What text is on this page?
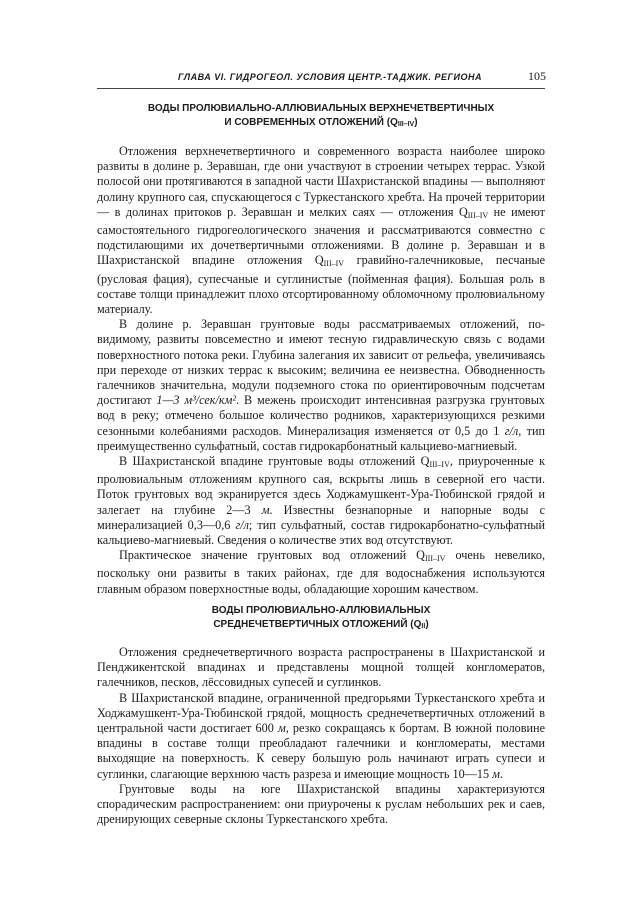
ГЛАВА VI. ГИДРОГЕОЛ. УСЛОВИЯ ЦЕНТР.-ТАДЖИК. РЕГИОНА	105
ВОДЫ ПРОЛЮВИАЛЬНО-АЛЛЮВИАЛЬНЫХ ВЕРХНЕЧЕТВЕРТИЧНЫХ
И СОВРЕМЕННЫХ ОТЛОЖЕНИЙ (QIII–IV)

Отложения верхнечетвертичного и современного возраста наиболее широко развиты в долине р. Зеравшан, где они участвуют в строении четырех террас. Узкой полосой они протягиваются в западной части Шахристанской впадины — выполняют долину крупного сая, спускающегося с Туркестанского хребта. На прочей территории — в долинах притоков р. Зеравшан и мелких саях — отложения $Q_{III-IV}$ не имеют самостоятельного гидрогеологического значения и рассматриваются совместно с подстилающими их дочетвертичными отложениями. В долине р. Зеравшан и в Шахристанской впадине отложения $Q_{III-IV}$ гравийно-галечниковые, песчаные (русловая фация), супесчаные и суглинистые (пойменная фация). Большая роль в составе толщи принадлежит плохо отсортированному обломочному пролювиальному материалу.

В долине р. Зеравшан грунтовые воды рассматриваемых отложений, по-видимому, развиты повсеместно и имеют тесную гидравлическую связь с водами поверхностного потока реки. Глубина залегания их зависит от рельефа, увеличиваясь при переходе от низких террас к высоким; величина ее неизвестна. Обводненность галечников значительна, модули подземного стока по ориентировочным подсчетам достигают 1—3 м³/сек/км². В межень происходит интенсивная разгрузка грунтовых вод в реку; отмечено большое количество родников, характеризующихся резкими сезонными колебаниями расходов. Минерализация изменяется от 0,5 до 1 г/л, тип преимущественно сульфатный, состав гидрокарбонатный кальциево-магниевый.

В Шахристанской впадине грунтовые воды отложений $Q_{III-IV}$, приуроченные к пролювиальным отложениям крупного сая, вскрыты лишь в северной его части. Поток грунтовых вод экранируется здесь Ходжамушкент-Ура-Тюбинской грядой и залегает на глубине 2—3 м. Известны безнапорные и напорные воды с минерализацией 0,3—0,6 г/л; тип сульфатный, состав гидрокарбонатно-сульфатный кальциево-магниевый. Сведения о количестве этих вод отсутствуют.

Практическое значение грунтовых вод отложений $Q_{III-IV}$ очень невелико, поскольку они развиты в таких районах, где для водоснабжения используются главным образом поверхностные воды, обладающие хорошим качеством.

ВОДЫ ПРОЛЮВИАЛЬНО-АЛЛЮВИАЛЬНЫХ
СРЕДНЕЧЕТВЕРТИЧНЫХ ОТЛОЖЕНИЙ (QII)

Отложения среднечетвертичного возраста распространены в Шахристанской и Пенджикентской впадинах и представлены мощной толщей конгломератов, галечников, песков, лёссовидных супесей и суглинков.

В Шахристанской впадине, ограниченной предгорьями Туркестанского хребта и Ходжамушкент-Ура-Тюбинской грядой, мощность среднечетвертичных отложений в центральной части достигает 600 м, резко сокращаясь к бортам. В южной половине впадины в составе толщи преобладают галечники и конгломераты, местами выходящие на поверхность. К северу большую роль начинают играть супеси и суглинки, слагающие верхнюю часть разреза и имеющие мощность 10—15 м.

Грунтовые воды на юге Шахристанской впадины характеризуются спорадическим распространением: они приурочены к руслам небольших рек и саев, дренирующих северные склоны Туркестанского хребта.
